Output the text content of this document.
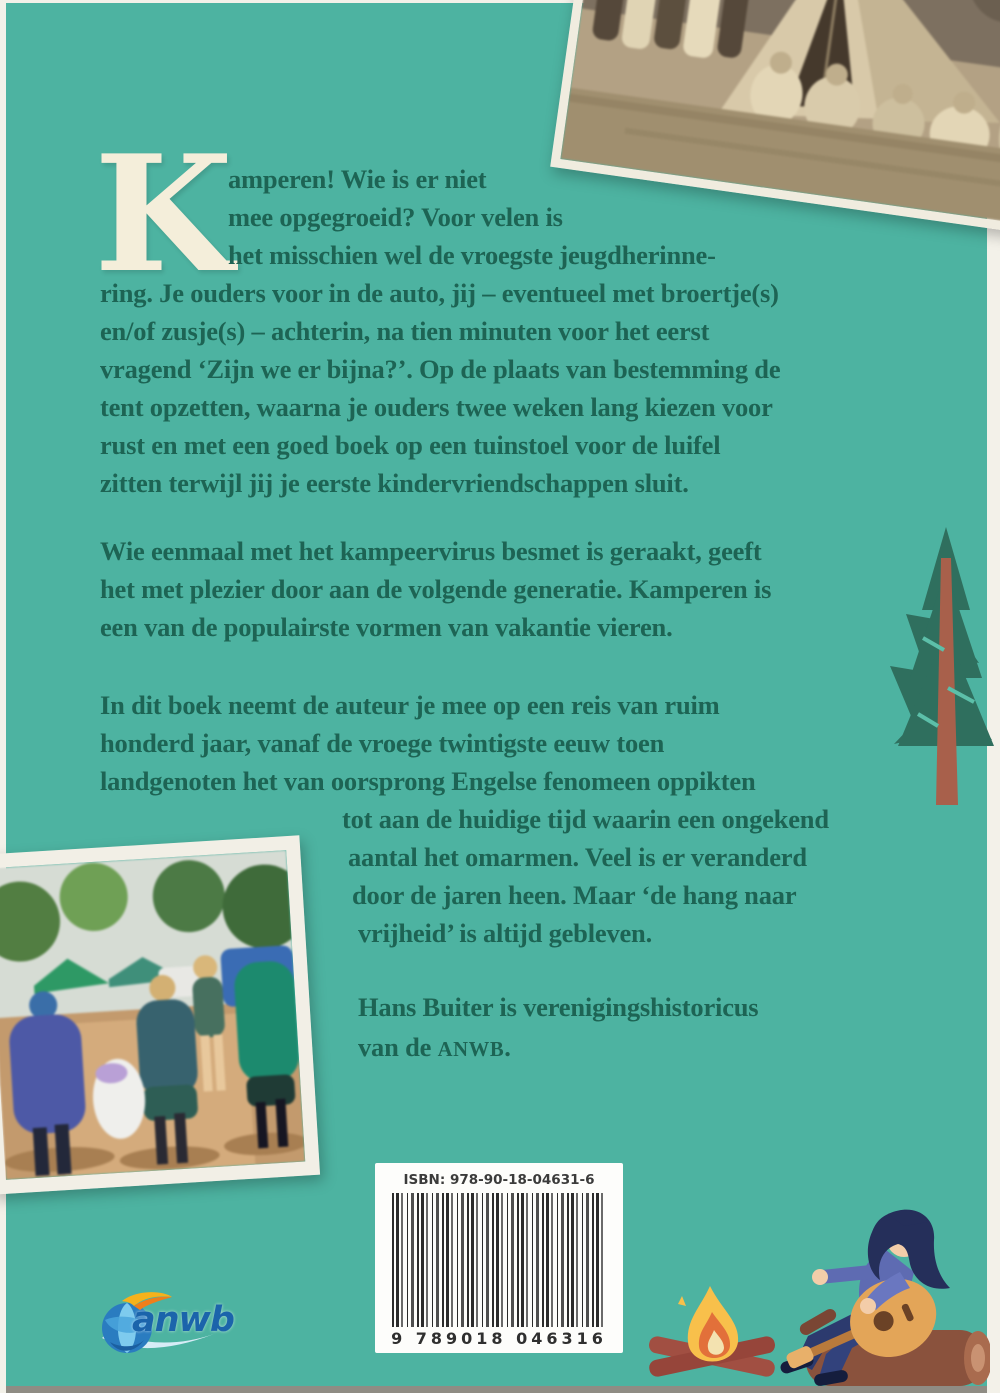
K
amperen! Wie is er niet
mee opgegroeid? Voor velen is
het misschien wel de vroegste jeugdherinne-
ring. Je ouders voor in de auto, jij – eventueel met broertje(s)
en/of zusje(s) – achterin, na tien minuten voor het eerst
vragend ‘Zijn we er bijna?’. Op de plaats van bestemming de
tent opzetten, waarna je ouders twee weken lang kiezen voor
rust en met een goed boek op een tuinstoel voor de luifel
zitten terwijl jij je eerste kindervriendschappen sluit.
Wie eenmaal met het kampeervirus besmet is geraakt, geeft
het met plezier door aan de volgende generatie. Kamperen is
een van de populairste vormen van vakantie vieren.
In dit boek neemt de auteur je mee op een reis van ruim
honderd jaar, vanaf de vroege twintigste eeuw toen
landgenoten het van oorsprong Engelse fenomeen oppikten
tot aan de huidige tijd waarin een ongekend
aantal het omarmen. Veel is er veranderd
door de jaren heen. Maar ‘de hang naar
vrijheid’ is altijd gebleven.
Hans Buiter is verenigingshistoricus
van de ANWB.
ISBN: 978-90-18-04631-6
9 789018 046316
anwb
